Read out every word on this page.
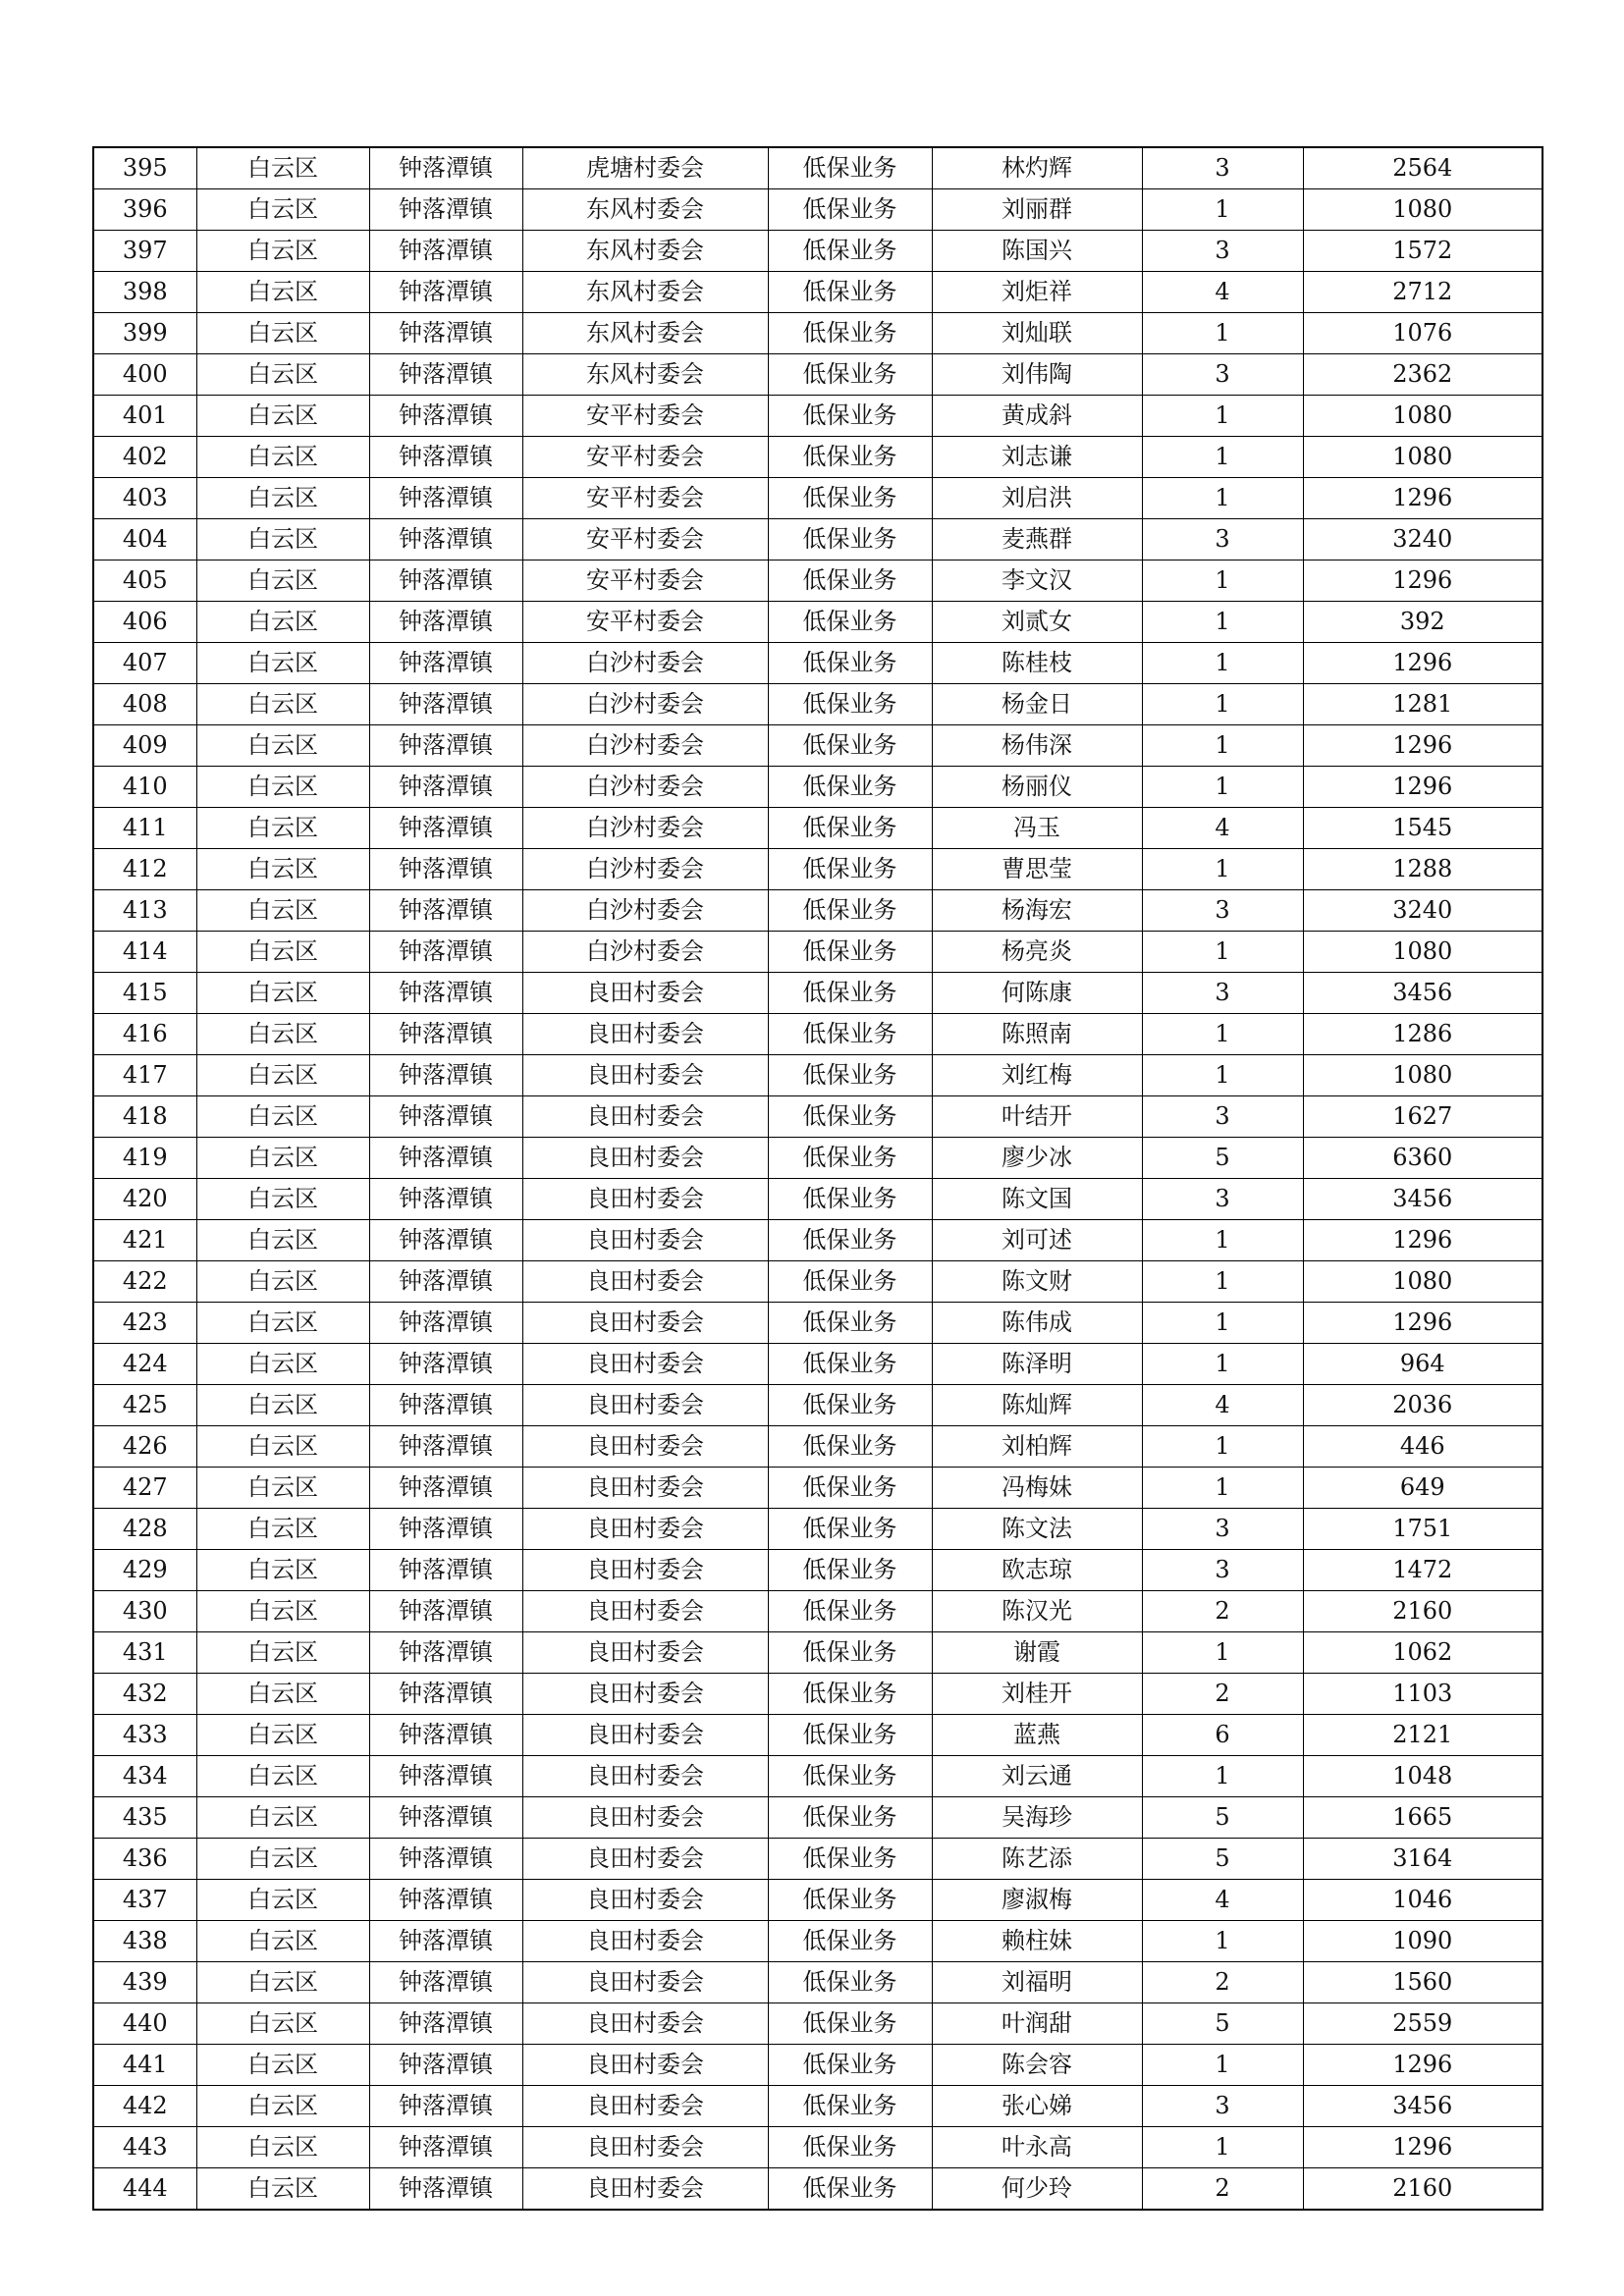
395	白云区	钟落潭镇	虎塘村委会	低保业务	林灼辉	3	2564
396	白云区	钟落潭镇	东风村委会	低保业务	刘丽群	1	1080
397	白云区	钟落潭镇	东风村委会	低保业务	陈国兴	3	1572
398	白云区	钟落潭镇	东风村委会	低保业务	刘炬祥	4	2712
399	白云区	钟落潭镇	东风村委会	低保业务	刘灿联	1	1076
400	白云区	钟落潭镇	东风村委会	低保业务	刘伟陶	3	2362
401	白云区	钟落潭镇	安平村委会	低保业务	黄成斜	1	1080
402	白云区	钟落潭镇	安平村委会	低保业务	刘志谦	1	1080
403	白云区	钟落潭镇	安平村委会	低保业务	刘启洪	1	1296
404	白云区	钟落潭镇	安平村委会	低保业务	麦燕群	3	3240
405	白云区	钟落潭镇	安平村委会	低保业务	李文汉	1	1296
406	白云区	钟落潭镇	安平村委会	低保业务	刘贰女	1	392
407	白云区	钟落潭镇	白沙村委会	低保业务	陈桂枝	1	1296
408	白云区	钟落潭镇	白沙村委会	低保业务	杨金日	1	1281
409	白云区	钟落潭镇	白沙村委会	低保业务	杨伟深	1	1296
410	白云区	钟落潭镇	白沙村委会	低保业务	杨丽仪	1	1296
411	白云区	钟落潭镇	白沙村委会	低保业务	冯玉	4	1545
412	白云区	钟落潭镇	白沙村委会	低保业务	曹思莹	1	1288
413	白云区	钟落潭镇	白沙村委会	低保业务	杨海宏	3	3240
414	白云区	钟落潭镇	白沙村委会	低保业务	杨亮炎	1	1080
415	白云区	钟落潭镇	良田村委会	低保业务	何陈康	3	3456
416	白云区	钟落潭镇	良田村委会	低保业务	陈照南	1	1286
417	白云区	钟落潭镇	良田村委会	低保业务	刘红梅	1	1080
418	白云区	钟落潭镇	良田村委会	低保业务	叶结开	3	1627
419	白云区	钟落潭镇	良田村委会	低保业务	廖少冰	5	6360
420	白云区	钟落潭镇	良田村委会	低保业务	陈文国	3	3456
421	白云区	钟落潭镇	良田村委会	低保业务	刘可述	1	1296
422	白云区	钟落潭镇	良田村委会	低保业务	陈文财	1	1080
423	白云区	钟落潭镇	良田村委会	低保业务	陈伟成	1	1296
424	白云区	钟落潭镇	良田村委会	低保业务	陈泽明	1	964
425	白云区	钟落潭镇	良田村委会	低保业务	陈灿辉	4	2036
426	白云区	钟落潭镇	良田村委会	低保业务	刘柏辉	1	446
427	白云区	钟落潭镇	良田村委会	低保业务	冯梅妹	1	649
428	白云区	钟落潭镇	良田村委会	低保业务	陈文法	3	1751
429	白云区	钟落潭镇	良田村委会	低保业务	欧志琼	3	1472
430	白云区	钟落潭镇	良田村委会	低保业务	陈汉光	2	2160
431	白云区	钟落潭镇	良田村委会	低保业务	谢霞	1	1062
432	白云区	钟落潭镇	良田村委会	低保业务	刘桂开	2	1103
433	白云区	钟落潭镇	良田村委会	低保业务	蓝燕	6	2121
434	白云区	钟落潭镇	良田村委会	低保业务	刘云通	1	1048
435	白云区	钟落潭镇	良田村委会	低保业务	吴海珍	5	1665
436	白云区	钟落潭镇	良田村委会	低保业务	陈艺添	5	3164
437	白云区	钟落潭镇	良田村委会	低保业务	廖淑梅	4	1046
438	白云区	钟落潭镇	良田村委会	低保业务	赖柱妹	1	1090
439	白云区	钟落潭镇	良田村委会	低保业务	刘福明	2	1560
440	白云区	钟落潭镇	良田村委会	低保业务	叶润甜	5	2559
441	白云区	钟落潭镇	良田村委会	低保业务	陈会容	1	1296
442	白云区	钟落潭镇	良田村委会	低保业务	张心娣	3	3456
443	白云区	钟落潭镇	良田村委会	低保业务	叶永高	1	1296
444	白云区	钟落潭镇	良田村委会	低保业务	何少玲	2	2160
